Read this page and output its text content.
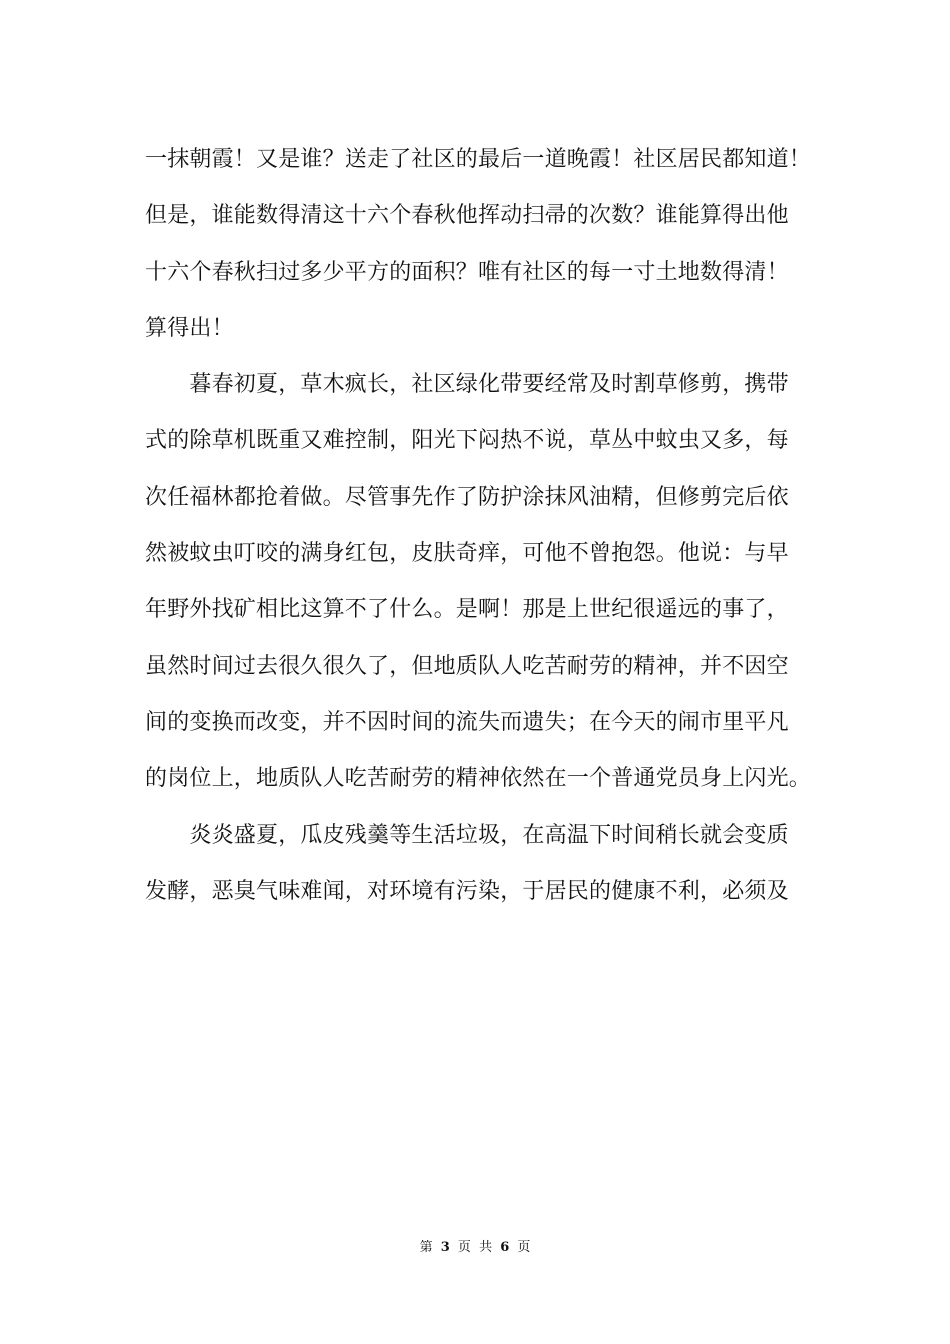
一抹朝霞！又是谁？送走了社区的最后一道晚霞！社区居民都知道！
但是，谁能数得清这十六个春秋他挥动扫帚的次数？谁能算得出他
十六个春秋扫过多少平方的面积？唯有社区的每一寸土地数得清！
算得出！
　　暮春初夏，草木疯长，社区绿化带要经常及时割草修剪，携带
式的除草机既重又难控制，阳光下闷热不说，草丛中蚊虫又多，每
次任福林都抢着做。尽管事先作了防护涂抹风油精，但修剪完后依
然被蚊虫叮咬的满身红包，皮肤奇痒，可他不曾抱怨。他说：与早
年野外找矿相比这算不了什么。是啊！那是上世纪很遥远的事了，
虽然时间过去很久很久了，但地质队人吃苦耐劳的精神，并不因空
间的变换而改变，并不因时间的流失而遗失；在今天的闹市里平凡
的岗位上，地质队人吃苦耐劳的精神依然在一个普通党员身上闪光。
　　炎炎盛夏，瓜皮残羹等生活垃圾，在高温下时间稍长就会变质
发酵，恶臭气味难闻，对环境有污染，于居民的健康不利，必须及
第 3 页 共 6 页
